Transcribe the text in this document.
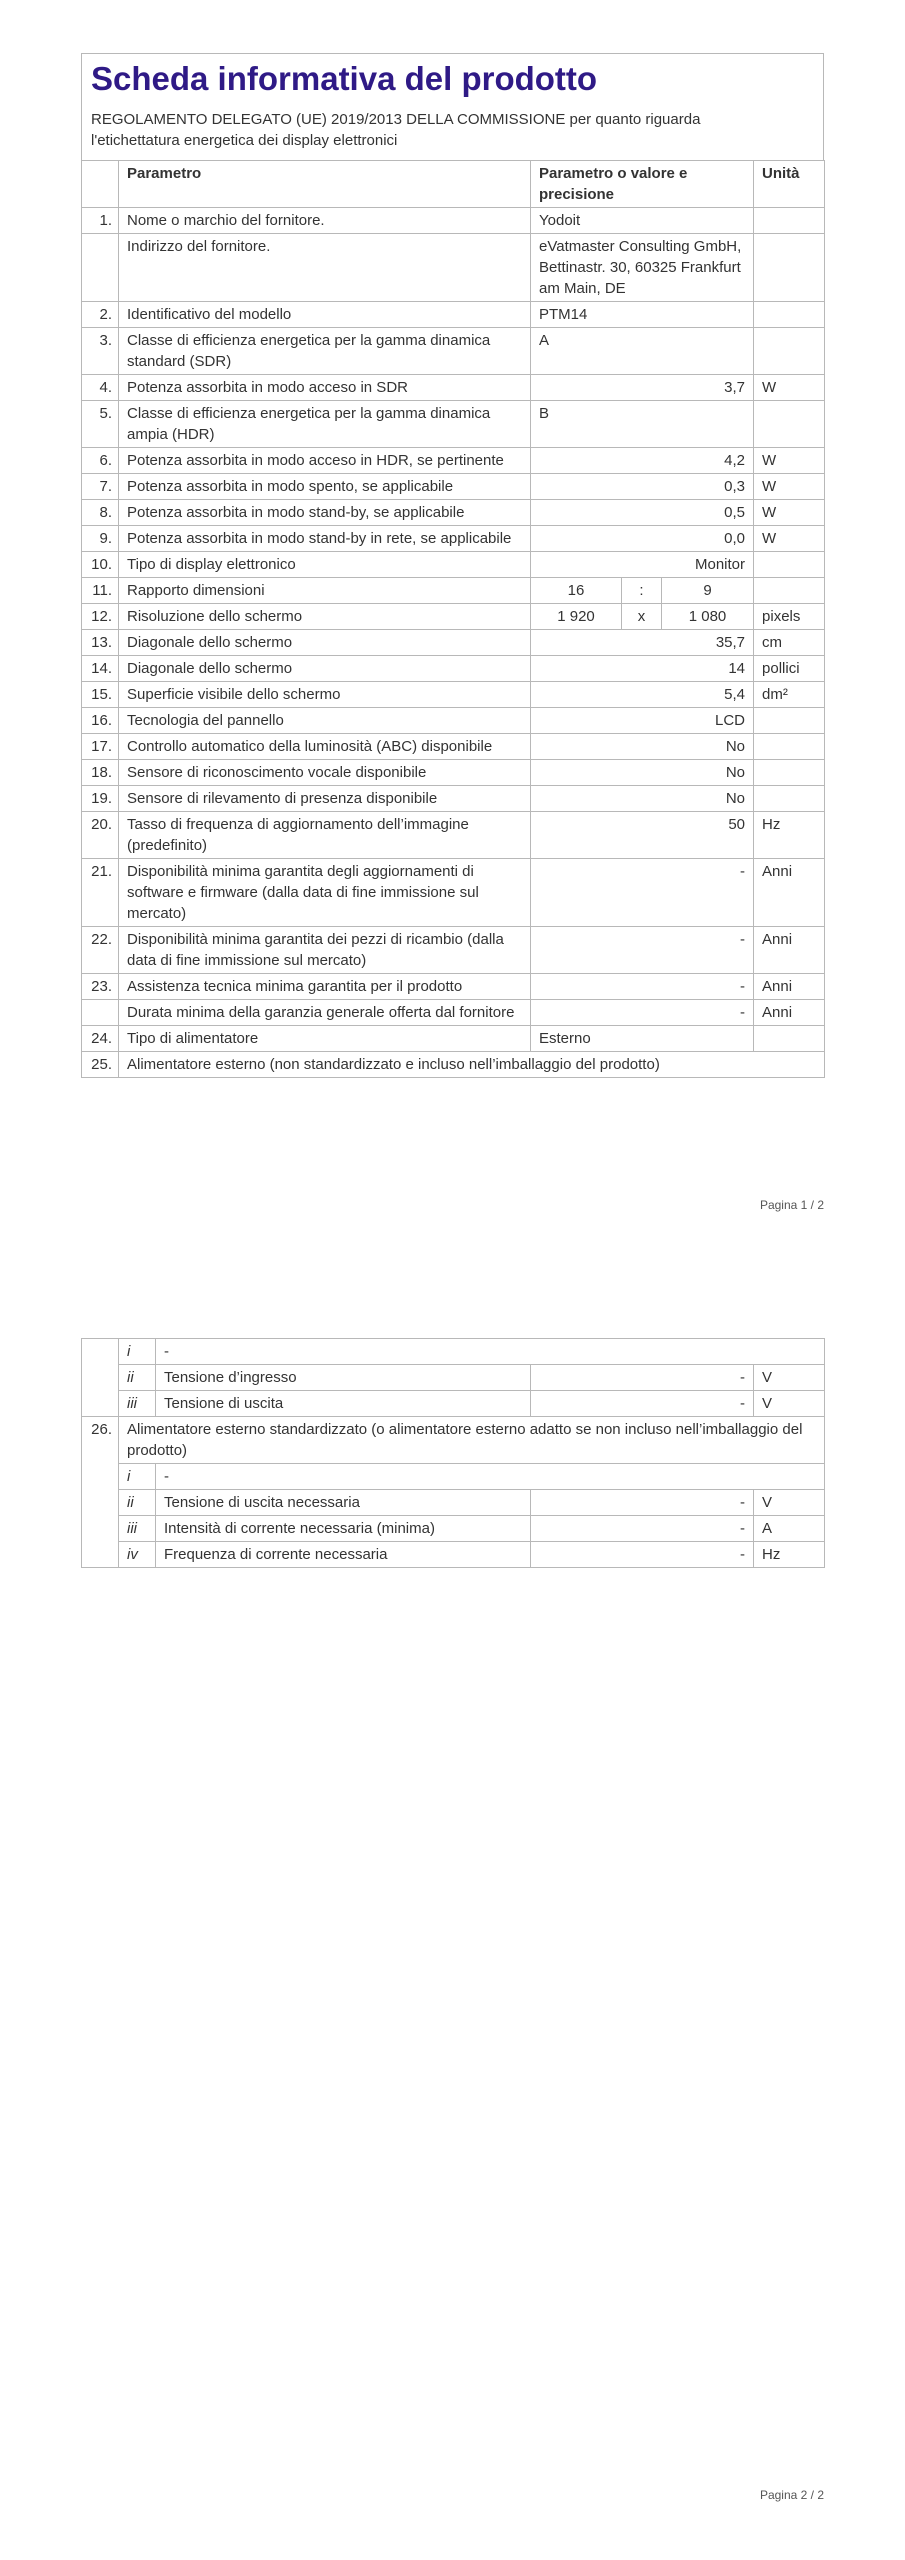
Scheda informativa del prodotto
REGOLAMENTO DELEGATO (UE) 2019/2013 DELLA COMMISSIONE per quanto riguarda l'etichettatura energetica dei display elettronici
	Parametro	Parametro o valore e precisione			Unità
1.	Nome o marchio del fornitore.	Yodoit			
	Indirizzo del fornitore.	eVatmaster Consulting GmbH, Bettinastr. 30, 60325 Frankfurt am Main, DE			
2.	Identificativo del modello	PTM14			
3.	Classe di efficienza energetica per la gamma dinamica standard (SDR)	A			
4.	Potenza assorbita in modo acceso in SDR	3,7			W
5.	Classe di efficienza energetica per la gamma dinamica ampia (HDR)	B			
6.	Potenza assorbita in modo acceso in HDR, se pertinente	4,2			W
7.	Potenza assorbita in modo spento, se applicabile	0,3			W
8.	Potenza assorbita in modo stand-by, se applicabile	0,5			W
9.	Potenza assorbita in modo stand-by in rete, se applicabile	0,0			W
10.	Tipo di display elettronico	Monitor			
11.	Rapporto dimensioni	16	:	9	
12.	Risoluzione dello schermo	1 920	x	1 080	pixels
13.	Diagonale dello schermo	35,7			cm
14.	Diagonale dello schermo	14			pollici
15.	Superficie visibile dello schermo	5,4			dm²
16.	Tecnologia del pannello	LCD			
17.	Controllo automatico della luminosità (ABC) disponibile	No			
18.	Sensore di riconoscimento vocale disponibile	No			
19.	Sensore di rilevamento di presenza disponibile	No			
20.	Tasso di frequenza di aggiornamento dell’immagine (predefinito)	50			Hz
21.	Disponibilità minima garantita degli aggiornamenti di software e firmware (dalla data di fine immissione sul mercato)	-			Anni
22.	Disponibilità minima garantita dei pezzi di ricambio (dalla data di fine immissione sul mercato)	-			Anni
23.	Assistenza tecnica minima garantita per il prodotto	-			Anni
	Durata minima della garanzia generale offerta dal fornitore	-			Anni
24.	Tipo di alimentatore	Esterno			
25.	Alimentatore esterno (non standardizzato e incluso nell’imballaggio del prodotto)				
Pagina 1 / 2
	i	-		
	ii	Tensione d’ingresso	-	V
	iii	Tensione di uscita	-	V
26.	Alimentatore esterno standardizzato (o alimentatore esterno adatto se non incluso nell’imballaggio del prodotto)			
	i	-		
	ii	Tensione di uscita necessaria	-	V
	iii	Intensità di corrente necessaria (minima)	-	A
	iv	Frequenza di corrente necessaria	-	Hz
Pagina 2 / 2
